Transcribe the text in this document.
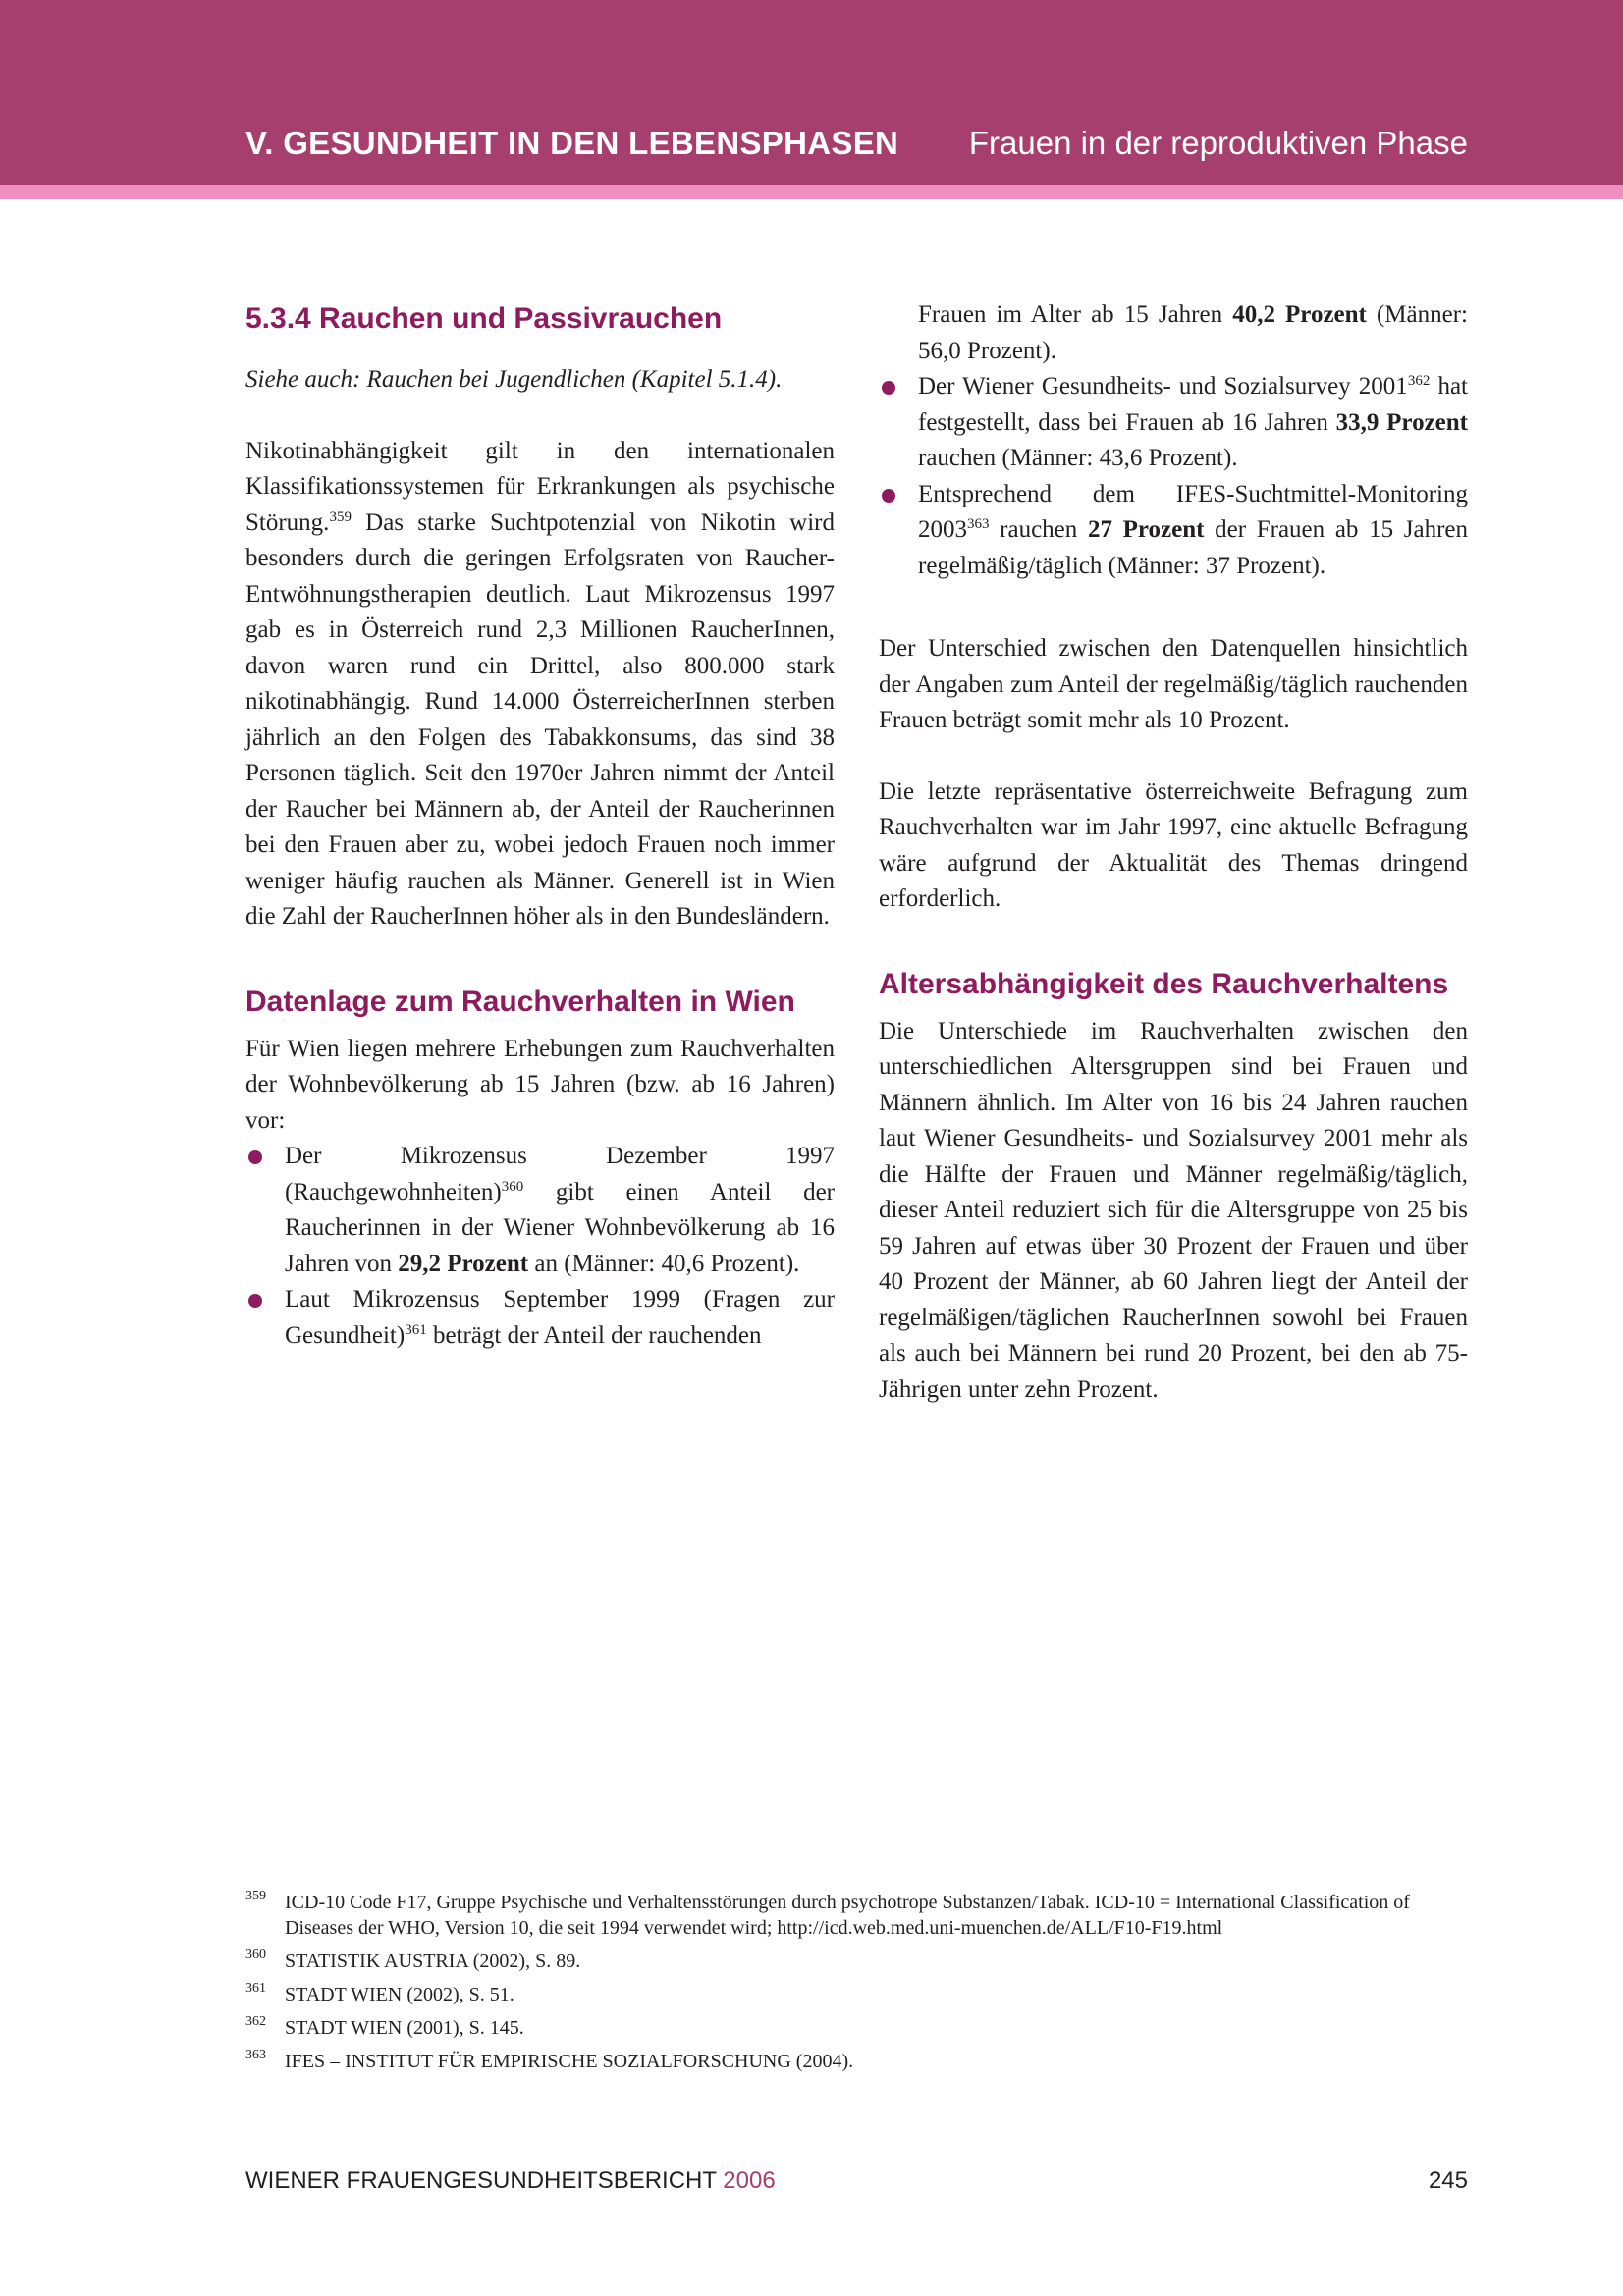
V. GESUNDHEIT IN DEN LEBENSPHASEN Frauen in der reproduktiven Phase
5.3.4 Rauchen und Passivrauchen

Siehe auch: Rauchen bei Jugendlichen (Kapitel 5.1.4).

Nikotinabhängigkeit gilt in den internationalen Klassifikationssystemen für Erkrankungen als psychische Störung.$^{359}$ Das starke Suchtpotenzial von Nikotin wird besonders durch die geringen Erfolgsraten von Raucher-Entwöhnungstherapien deutlich. Laut Mikrozensus 1997 gab es in Österreich rund 2,3 Millionen RaucherInnen, davon waren rund ein Drittel, also 800.000 stark nikotinabhängig. Rund 14.000 ÖsterreicherInnen sterben jährlich an den Folgen des Tabakkonsums, das sind 38 Personen täglich. Seit den 1970er Jahren nimmt der Anteil der Raucher bei Männern ab, der Anteil der Raucherinnen bei den Frauen aber zu, wobei jedoch Frauen noch immer weniger häufig rauchen als Männer. Generell ist in Wien die Zahl der RaucherInnen höher als in den Bundesländern.

Datenlage zum Rauchverhalten in Wien

Für Wien liegen mehrere Erhebungen zum Rauchverhalten der Wohnbevölkerung ab 15 Jahren (bzw. ab 16 Jahren) vor:

Der Mikrozensus Dezember 1997 (Rauchgewohnheiten)$^{360}$ gibt einen Anteil der Raucherinnen in der Wiener Wohnbevölkerung ab 16 Jahren von 29,2 Prozent an (Männer: 40,6 Prozent).
Laut Mikrozensus September 1999 (Fragen zur Gesundheit)$^{361}$ beträgt der Anteil der rauchenden
Frauen im Alter ab 15 Jahren 40,2 Prozent (Männer: 56,0 Prozent).
Der Wiener Gesundheits- und Sozialsurvey 2001$^{362}$ hat festgestellt, dass bei Frauen ab 16 Jahren 33,9 Prozent rauchen (Männer: 43,6 Prozent).
Entsprechend dem IFES-Suchtmittel-Monitoring 2003$^{363}$ rauchen 27 Prozent der Frauen ab 15 Jahren regelmäßig/täglich (Männer: 37 Prozent).

Der Unterschied zwischen den Datenquellen hinsichtlich der Angaben zum Anteil der regelmäßig/täglich rauchenden Frauen beträgt somit mehr als 10 Prozent.

Die letzte repräsentative österreichweite Befragung zum Rauchverhalten war im Jahr 1997, eine aktuelle Befragung wäre aufgrund der Aktualität des Themas dringend erforderlich.

Altersabhängigkeit des Rauchverhaltens

Die Unterschiede im Rauchverhalten zwischen den unterschiedlichen Altersgruppen sind bei Frauen und Männern ähnlich. Im Alter von 16 bis 24 Jahren rauchen laut Wiener Gesundheits- und Sozialsurvey 2001 mehr als die Hälfte der Frauen und Männer regelmäßig/täglich, dieser Anteil reduziert sich für die Altersgruppe von 25 bis 59 Jahren auf etwas über 30 Prozent der Frauen und über 40 Prozent der Männer, ab 60 Jahren liegt der Anteil der regelmäßigen/täglichen RaucherInnen sowohl bei Frauen als auch bei Männern bei rund 20 Prozent, bei den ab 75-Jährigen unter zehn Prozent.

359 ICD-10 Code F17, Gruppe Psychische und Verhaltensstörungen durch psychotrope Substanzen/Tabak. ICD-10 = International Classification of Diseases der WHO, Version 10, die seit 1994 verwendet wird; http://icd.web.med.uni-muenchen.de/ALL/F10-F19.html
360 STATISTIK AUSTRIA (2002), S. 89.
361 STADT WIEN (2002), S. 51.
362 STADT WIEN (2001), S. 145.
363 IFES – INSTITUT FÜR EMPIRISCHE SOZIALFORSCHUNG (2004).
WIENER FRAUENGESUNDHEITSBERICHT 2006	245
